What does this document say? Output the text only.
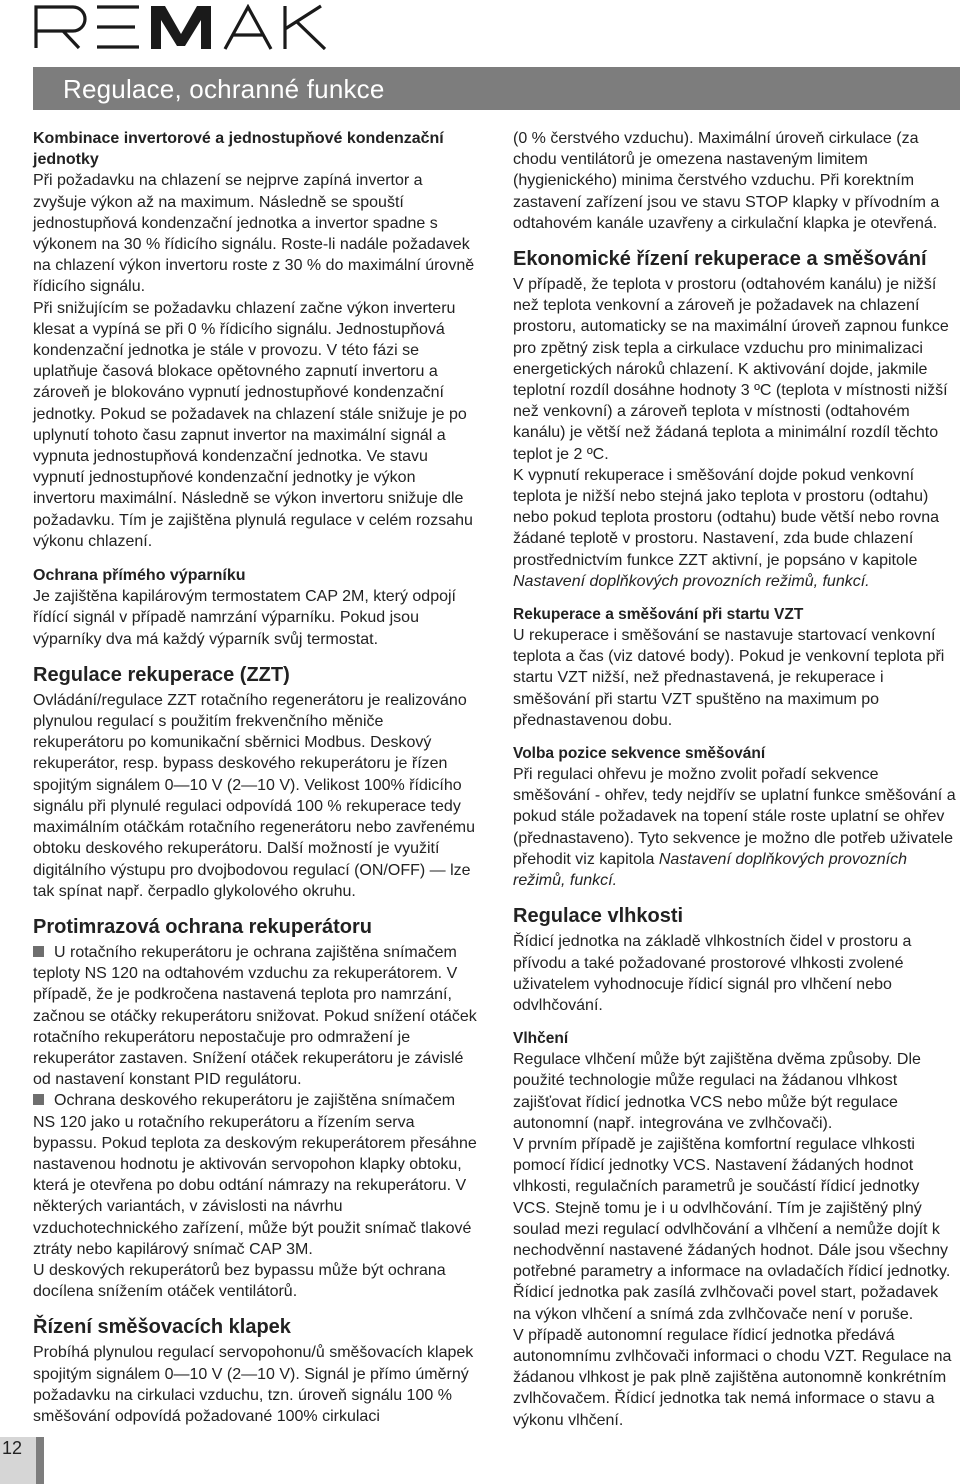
Regulace, ochranné funkce

Kombinace invertorové a jednostupňové kondenzační jednotky

Při požadavku na chlazení se nejprve zapíná invertor a zvyšuje výkon až na maximum. Následně se spouští jednostupňová kondenzační jednotka a invertor spadne s výkonem na 30 % řídicího signálu. Roste-li nadále požadavek na chlazení výkon invertoru roste z 30 % do maximální úrovně řídicího signálu.

Při snižujícím se požadavku chlazení začne výkon inverteru klesat a vypíná se při 0 % řídicího signálu. Jednostupňová kondenzační jednotka je stále v provozu. V této fázi se uplatňuje časová blokace opětovného zapnutí invertoru a zároveň je blokováno vypnutí jednostupňové kondenzační jednotky. Pokud se požadavek na chlazení stále snižuje je po uplynutí tohoto času zapnut invertor na maximální signál a vypnuta jednostupňová kondenzační jednotka. Ve stavu vypnutí jednostupňové kondenzační jednotky je výkon invertoru maximální. Následně se výkon invertoru snižuje dle požadavku. Tím je zajištěna plynulá regulace v celém rozsahu výkonu chlazení.

Ochrana přímého výparníku

Je zajištěna kapilárovým termostatem CAP 2M, který odpojí řídící signál v případě namrzání výparníku. Pokud jsou výparníky dva má každý výparník svůj termostat.

Regulace rekuperace (ZZT)

Ovládání/regulace ZZT rotačního regenerátoru je realizováno plynulou regulací s použitím frekvenčního měniče rekuperátoru po komunikační sběrnici Modbus. Deskový rekuperátor, resp. bypass deskového rekuperátoru je řízen spojitým signálem 0—10 V (2—10 V). Velikost 100% řídicího signálu při plynulé regulaci odpovídá 100 % rekuperace tedy maximálním otáčkám rotačního regenerátoru nebo zavřenému obtoku deskového rekuperátoru. Další možností je využití digitálního výstupu pro dvojbodovou regulací (ON/OFF) — lze tak spínat např. čerpadlo glykolového okruhu.

Protimrazová ochrana rekuperátoru

U rotačního rekuperátoru je ochrana zajištěna snímačem teploty NS 120 na odtahovém vzduchu za rekuperátorem. V případě, že je podkročena nastavená teplota pro namrzání, začnou se otáčky rekuperátoru snižovat. Pokud snížení otáček rotačního rekuperátoru nepostačuje pro odmražení je rekuperátor zastaven. Snížení otáček rekuperátoru je závislé od nastavení konstant PID regulátoru.

Ochrana deskového rekuperátoru je zajištěna snímačem NS 120 jako u rotačního rekuperátoru a řízením serva bypassu. Pokud teplota za deskovým rekuperátorem přesáhne nastavenou hodnotu je aktivován servopohon klapky obtoku, která je otevřena po dobu odtání námrazy na rekuperátoru. V některých variantách, v závislosti na návrhu vzduchotechnického zařízení, může být použit snímač tlakové ztráty nebo kapilárový snímač CAP 3M.

U deskových rekuperátorů bez bypassu může být ochrana docílena snížením otáček ventilátorů.

Řízení směšovacích klapek

Probíhá plynulou regulací servopohonu/ů směšovacích klapek spojitým signálem 0—10 V (2—10 V). Signál je přímo úměrný požadavku na cirkulaci vzduchu, tzn. úroveň signálu 100 % směšování odpovídá požadované 100% cirkulaci

(0 % čerstvého vzduchu). Maximální úroveň cirkulace (za chodu ventilátorů je omezena nastaveným limitem (hygienického) minima čerstvého vzduchu. Při korektním zastavení zařízení jsou ve stavu STOP klapky v přívodním a odtahovém kanále uzavřeny a cirkulační klapka je otevřená.

Ekonomické řízení rekuperace a směšování

V případě, že teplota v prostoru (odtahovém kanálu) je nižší než teplota venkovní a zároveň je požadavek na chlazení prostoru, automaticky se na maximální úroveň zapnou funkce pro zpětný zisk tepla a cirkulace vzduchu pro minimalizaci energetických nároků chlazení. K aktivování dojde, jakmile teplotní rozdíl dosáhne hodnoty 3 ºC (teplota v místnosti nižší než venkovní) a zároveň teplota v místnosti (odtahovém kanálu) je větší než žádaná teplota a minimální rozdíl těchto teplot je 2 ºC.

K vypnutí rekuperace i směšování dojde pokud venkovní teplota je nižší nebo stejná jako teplota v prostoru (odtahu) nebo pokud teplota prostoru (odtahu) bude větší nebo rovna žádané teplotě v prostoru. Nastavení, zda bude chlazení prostřednictvím funkce ZZT aktivní, je popsáno v kapitole Nastavení doplňkových provozních režimů, funkcí.

Rekuperace a směšování při startu VZT

U rekuperace i směšování se nastavuje startovací venkovní teplota a čas (viz datové body). Pokud je venkovní teplota při startu VZT nižší, než přednastavená, je rekuperace i směšování při startu VZT spuštěno na maximum po přednastavenou dobu.

Volba pozice sekvence směšování

Při regulaci ohřevu je možno zvolit pořadí sekvence směšování - ohřev, tedy nejdřív se uplatní funkce směšování a pokud stále požadavek na topení stále roste uplatní se ohřev (přednastaveno). Tyto sekvence je možno dle potřeb uživatele přehodit viz kapitola Nastavení doplňkových provozních režimů, funkcí.

Regulace vlhkosti

Řídicí jednotka na základě vlhkostních čidel v prostoru a přívodu a také požadované prostorové vlhkosti zvolené uživatelem vyhodnocuje řídicí signál pro vlhčení nebo odvlhčování.

Vlhčení

Regulace vlhčení může být zajištěna dvěma způsoby. Dle použité technologie může regulaci na žádanou vlhkost zajišťovat řídicí jednotka VCS nebo může být regulace autonomní (např. integrována ve zvlhčovači).

V prvním případě je zajištěna komfortní regulace vlhkosti pomocí řídicí jednotky VCS. Nastavení žádaných hodnot vlhkosti, regulačních parametrů je součástí řídicí jednotky VCS. Stejně tomu je i u odvlhčování. Tím je zajištěný plný soulad mezi regulací odvlhčování a vlhčení a nemůže dojít k nechodvěnní nastavené žádaných hodnot. Dále jsou všechny potřebné parametry a informace na ovladačích řídicí jednotky. Řídicí jednotka pak zasílá zvlhčovači povel start, požadavek na výkon vlhčení a snímá zda zvlhčovače není v poruše.

V případě autonomní regulace řídicí jednotka předává autonomnímu zvlhčovači informaci o chodu VZT. Regulace na žádanou vlhkost je pak plně zajištěna autonomně konkrétním zvlhčovačem. Řídicí jednotka tak nemá informace o stavu a výkonu vlhčení.

12
